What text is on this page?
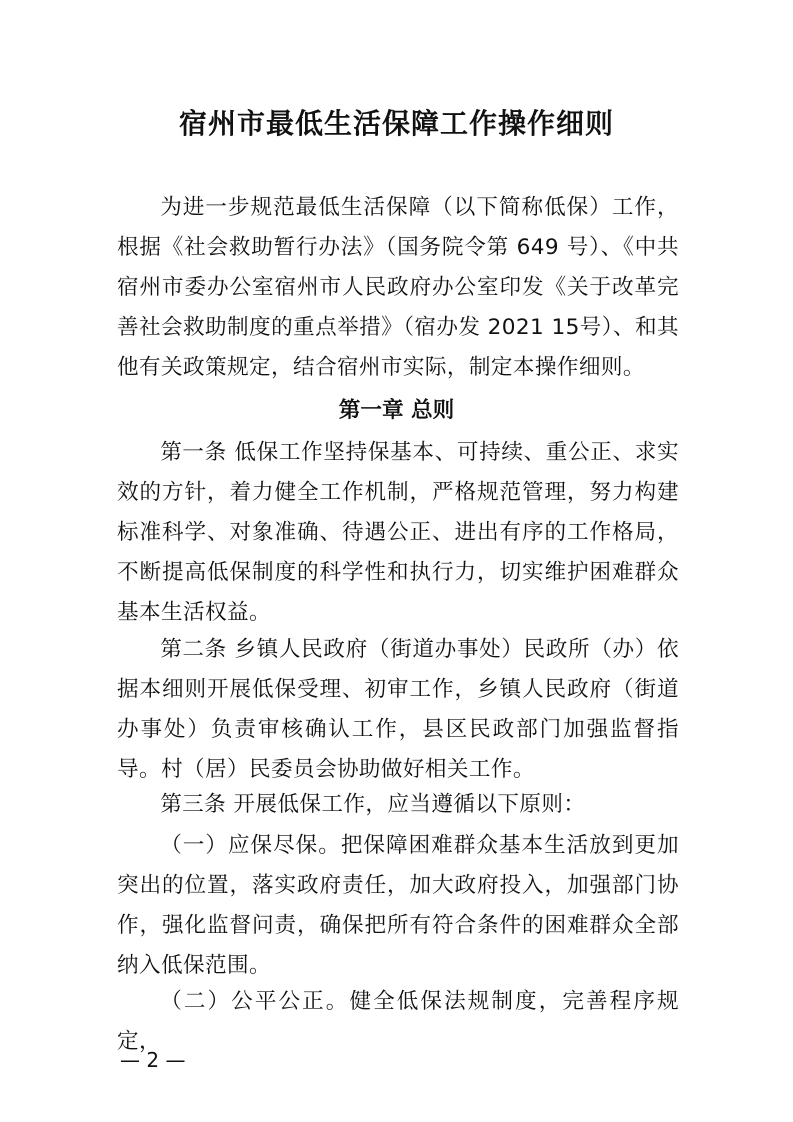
宿州市最低生活保障工作操作细则
为进一步规范最低生活保障（以下简称低保）工作，根据《社会救助暂行办法》（国务院令第 649 号）、《中共宿州市委办公室宿州市人民政府办公室印发《关于改革完善社会救助制度的重点举措》（宿办发 2021 15号）、和其他有关政策规定，结合宿州市实际，制定本操作细则。
第一章 总则
第一条 低保工作坚持保基本、可持续、重公正、求实效的方针，着力健全工作机制，严格规范管理，努力构建标准科学、对象准确、待遇公正、进出有序的工作格局，不断提高低保制度的科学性和执行力，切实维护困难群众基本生活权益。
第二条 乡镇人民政府（街道办事处）民政所（办）依据本细则开展低保受理、初审工作，乡镇人民政府（街道办事处）负责审核确认工作，县区民政部门加强监督指导。村（居）民委员会协助做好相关工作。
第三条 开展低保工作，应当遵循以下原则：
（一）应保尽保。把保障困难群众基本生活放到更加突出的位置，落实政府责任，加大政府投入，加强部门协作，强化监督问责，确保把所有符合条件的困难群众全部纳入低保范围。
（二）公平公正。健全低保法规制度，完善程序规定，
— 2 —
